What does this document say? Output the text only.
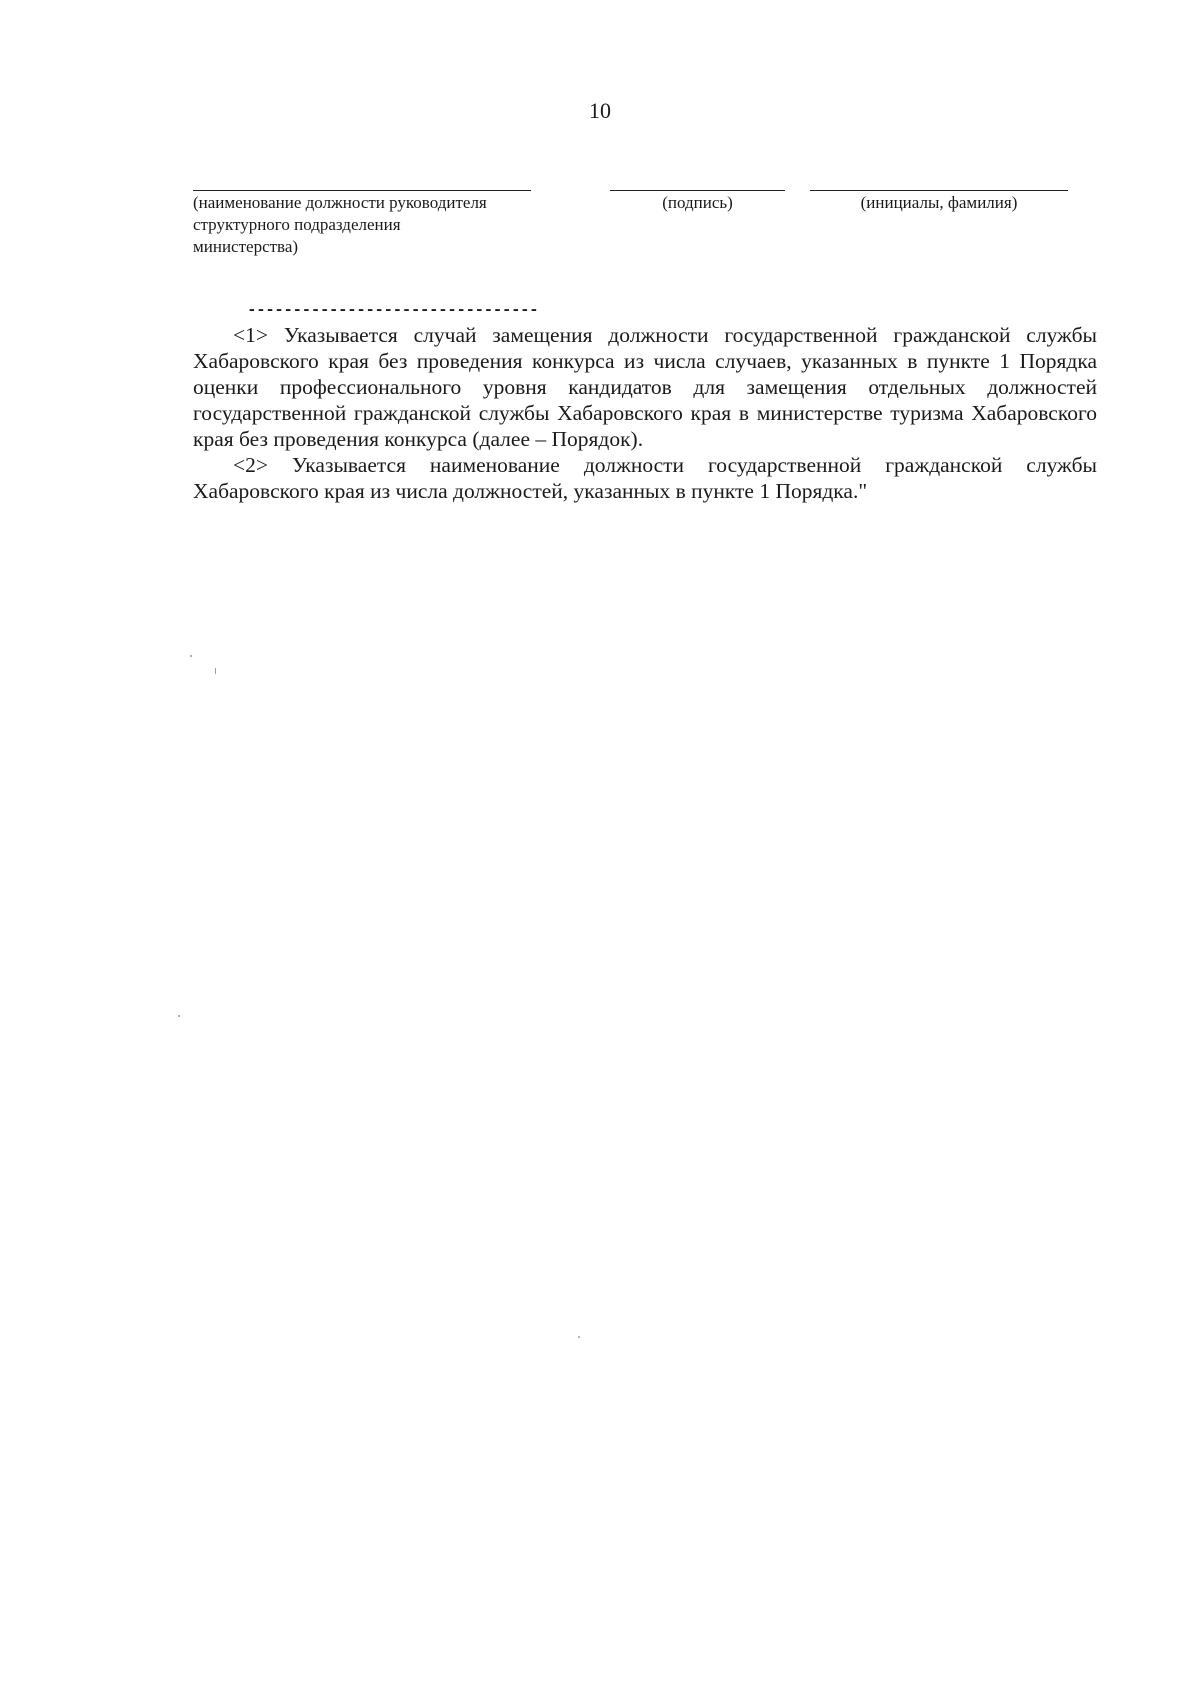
10
(наименование должности руководителя структурного подразделения министерства)
(подпись)	(инициалы, фамилия)
--------------------------------

<1> Указывается случай замещения должности государственной гражданской службы Хабаровского края без проведения конкурса из числа случаев, указанных в пункте 1 Порядка оценки профессионального уровня кандидатов для замещения отдельных должностей государственной гражданской службы Хабаровского края в министерстве туризма Хабаровского края без проведения конкурса (далее – Порядок).

<2> Указывается наименование должности государственной гражданской службы Хабаровского края из числа должностей, указанных в пункте 1 Порядка."
